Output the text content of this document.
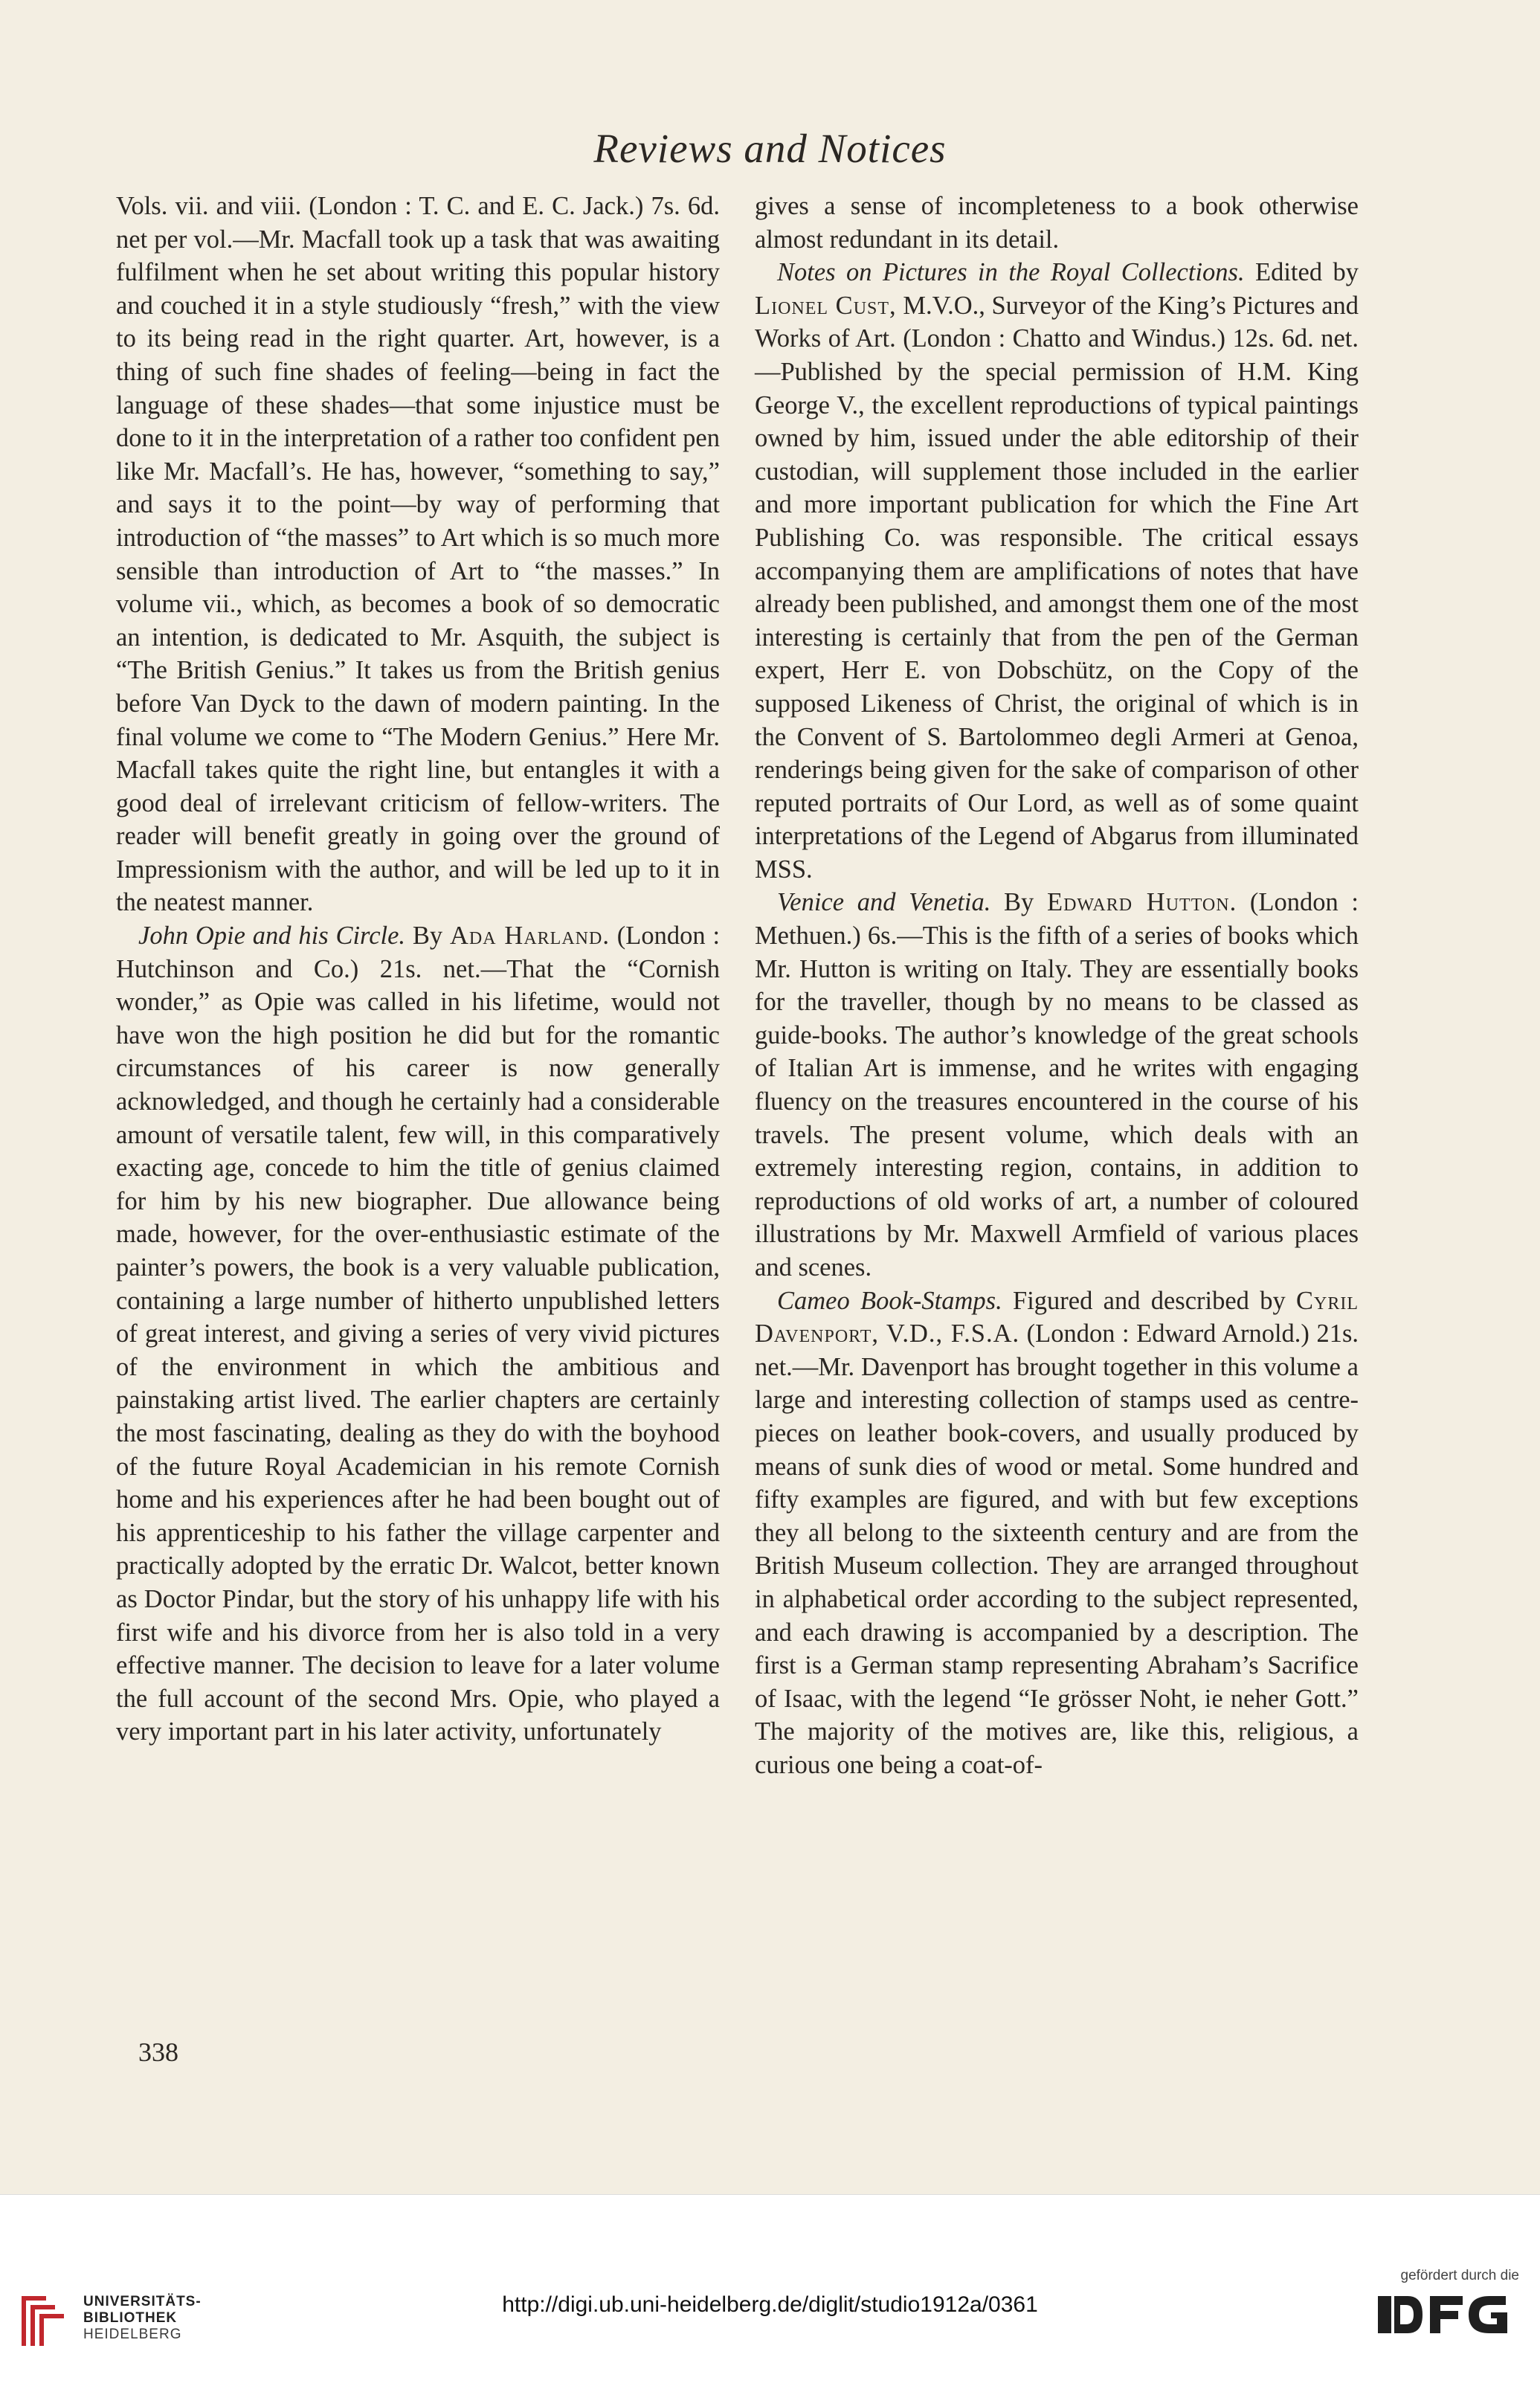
Reviews and Notices

Vols. vii. and viii. (London : T. C. and E. C. Jack.) 7s. 6d. net per vol.—Mr. Macfall took up a task that was awaiting fulfilment when he set about writing this popular history and couched it in a style studiously “fresh,” with the view to its being read in the right quarter. Art, however, is a thing of such fine shades of feeling—being in fact the language of these shades—that some injustice must be done to it in the interpretation of a rather too confident pen like Mr. Macfall’s. He has, however, “something to say,” and says it to the point—by way of performing that introduction of “the masses” to Art which is so much more sensible than introduction of Art to “the masses.” In volume vii., which, as becomes a book of so democratic an intention, is dedicated to Mr. Asquith, the subject is “The British Genius.” It takes us from the British genius before Van Dyck to the dawn of modern painting. In the final volume we come to “The Modern Genius.” Here Mr. Macfall takes quite the right line, but entangles it with a good deal of irrelevant criticism of fellow-writers. The reader will benefit greatly in going over the ground of Impressionism with the author, and will be led up to it in the neatest manner.

John Opie and his Circle. By Ada Harland. (London : Hutchinson and Co.) 21s. net.—That the “Cornish wonder,” as Opie was called in his lifetime, would not have won the high position he did but for the romantic circumstances of his career is now generally acknowledged, and though he certainly had a considerable amount of versatile talent, few will, in this comparatively exacting age, concede to him the title of genius claimed for him by his new biographer. Due allowance being made, however, for the over-enthusiastic estimate of the painter’s powers, the book is a very valuable publication, containing a large number of hitherto unpublished letters of great interest, and giving a series of very vivid pictures of the environment in which the ambitious and painstaking artist lived. The earlier chapters are certainly the most fascinating, dealing as they do with the boyhood of the future Royal Academician in his remote Cornish home and his experiences after he had been bought out of his apprenticeship to his father the village carpenter and practically adopted by the erratic Dr. Walcot, better known as Doctor Pindar, but the story of his unhappy life with his first wife and his divorce from her is also told in a very effective manner. The decision to leave for a later volume the full account of the second Mrs. Opie, who played a very important part in his later activity, unfortunately

gives a sense of incompleteness to a book otherwise almost redundant in its detail.

Notes on Pictures in the Royal Collections. Edited by Lionel Cust, M.V.O., Surveyor of the King’s Pictures and Works of Art. (London : Chatto and Windus.) 12s. 6d. net.—Published by the special permission of H.M. King George V., the excellent reproductions of typical paintings owned by him, issued under the able editorship of their custodian, will supplement those included in the earlier and more important publication for which the Fine Art Publishing Co. was responsible. The critical essays accompanying them are amplifications of notes that have already been published, and amongst them one of the most interesting is certainly that from the pen of the German expert, Herr E. von Dobschütz, on the Copy of the supposed Likeness of Christ, the original of which is in the Convent of S. Bartolommeo degli Armeri at Genoa, renderings being given for the sake of comparison of other reputed portraits of Our Lord, as well as of some quaint interpretations of the Legend of Abgarus from illuminated MSS.

Venice and Venetia. By Edward Hutton. (London : Methuen.) 6s.—This is the fifth of a series of books which Mr. Hutton is writing on Italy. They are essentially books for the traveller, though by no means to be classed as guide-books. The author’s knowledge of the great schools of Italian Art is immense, and he writes with engaging fluency on the treasures encountered in the course of his travels. The present volume, which deals with an extremely interesting region, contains, in addition to reproductions of old works of art, a number of coloured illustrations by Mr. Maxwell Armfield of various places and scenes.

Cameo Book-Stamps. Figured and described by Cyril Davenport, V.D., F.S.A. (London : Edward Arnold.) 21s. net.—Mr. Davenport has brought together in this volume a large and interesting collection of stamps used as centre-pieces on leather book-covers, and usually produced by means of sunk dies of wood or metal. Some hundred and fifty examples are figured, and with but few exceptions they all belong to the sixteenth century and are from the British Museum collection. They are arranged throughout in alphabetical order according to the subject represented, and each drawing is accompanied by a description. The first is a German stamp representing Abraham’s Sacrifice of Isaac, with the legend “Ie grösser Noht, ie neher Gott.” The majority of the motives are, like this, religious, a curious one being a coat-of-

338
UNIVERSITÄTS-
BIBLIOTHEK
HEIDELBERG
http://digi.ub.uni-heidelberg.de/diglit/studio1912a/0361
gefördert durch die
